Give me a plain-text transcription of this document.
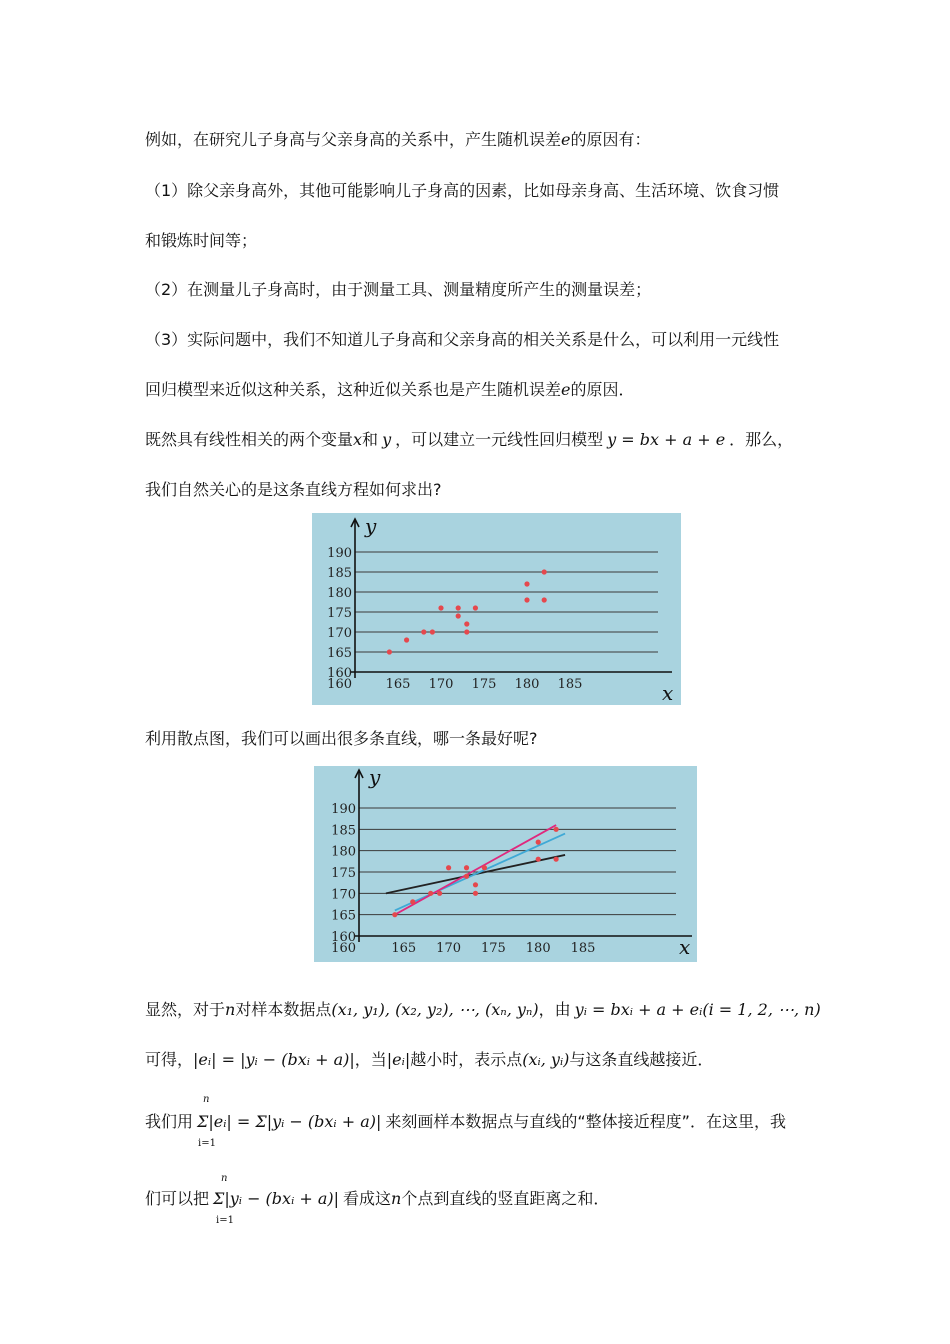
例如，在研究儿子身高与父亲身高的关系中，产生随机误差e的原因有：
（1）除父亲身高外，其他可能影响儿子身高的因素，比如母亲身高、生活环境、饮食习惯
和锻炼时间等；
（2）在测量儿子身高时，由于测量工具、测量精度所产生的测量误差；
（3）实际问题中，我们不知道儿子身高和父亲身高的相关关系是什么，可以利用一元线性
回归模型来近似这种关系，这种近似关系也是产生随机误差e的原因．
既然具有线性相关的两个变量x和 y ，可以建立一元线性回归模型 y = bx + a + e ．那么，
我们自然关心的是这条直线方程如何求出?
160
165
170
175
180
185
190
165 170 175 180 185
160
y
x
利用散点图，我们可以画出很多条直线，哪一条最好呢?
160
165
170
175
180
185
190
165 170 175 180 185
160
y
x
显然，对于n对样本数据点(x₁, y₁), (x₂, y₂), ⋯, (xₙ, yₙ)，由 yᵢ = bxᵢ + a + eᵢ(i = 1, 2, ⋯, n)
可得，|eᵢ| = |yᵢ − (bxᵢ + a)|，当|eᵢ|越小时，表示点(xᵢ, yᵢ)与这条直线越接近．
我们用 Σ|eᵢ| = Σ|yᵢ − (bxᵢ + a)| 来刻画样本数据点与直线的“整体接近程度”．在这里，我
n
i=1
们可以把 Σ|yᵢ − (bxᵢ + a)| 看成这n个点到直线的竖直距离之和．
n
i=1
